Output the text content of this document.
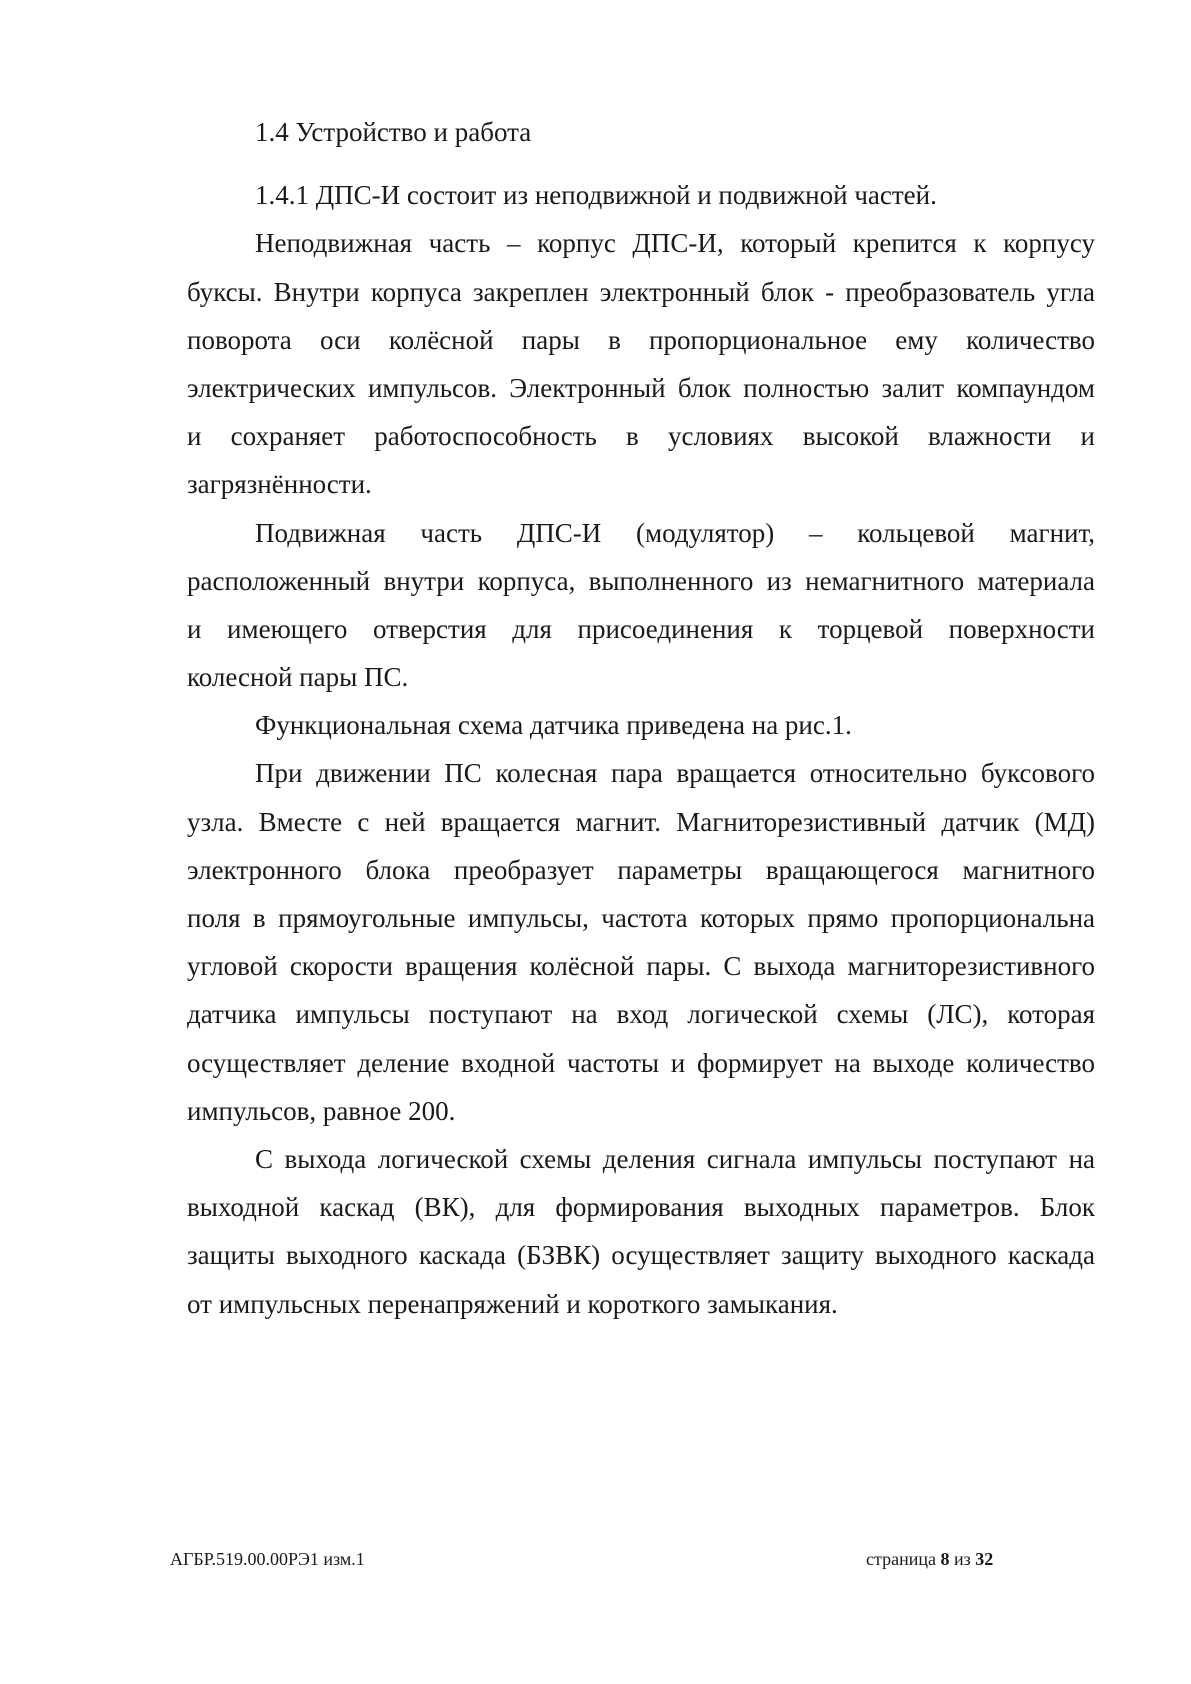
1.4 Устройство и работа
1.4.1 ДПС-И состоит из неподвижной и подвижной частей.
Неподвижная часть – корпус ДПС-И, который крепится к корпусу
буксы. Внутри корпуса закреплен электронный блок - преобразователь угла
поворота оси колёсной пары в пропорциональное ему количество
электрических импульсов. Электронный блок полностью залит компаундом
и сохраняет работоспособность в условиях высокой влажности и
загрязнённости.
Подвижная часть ДПС-И (модулятор) – кольцевой магнит,
расположенный внутри корпуса, выполненного из немагнитного материала
и имеющего отверстия для присоединения к торцевой поверхности
колесной пары ПС.
Функциональная схема датчика приведена на рис.1.
При движении ПС колесная пара вращается относительно буксового
узла. Вместе с ней вращается магнит. Магниторезистивный датчик (МД)
электронного блока преобразует параметры вращающегося магнитного
поля в прямоугольные импульсы, частота которых прямо пропорциональна
угловой скорости вращения колёсной пары. С выхода магниторезистивного
датчика импульсы поступают на вход логической схемы (ЛС), которая
осуществляет деление входной частоты и формирует на выходе количество
импульсов, равное 200.
С выхода логической схемы деления сигнала импульсы поступают на
выходной каскад (ВК), для формирования выходных параметров. Блок
защиты выходного каскада (БЗВК) осуществляет защиту выходного каскада
от импульсных перенапряжений и короткого замыкания.
АГБР.519.00.00РЭ1 изм.1	страница 8 из 32
